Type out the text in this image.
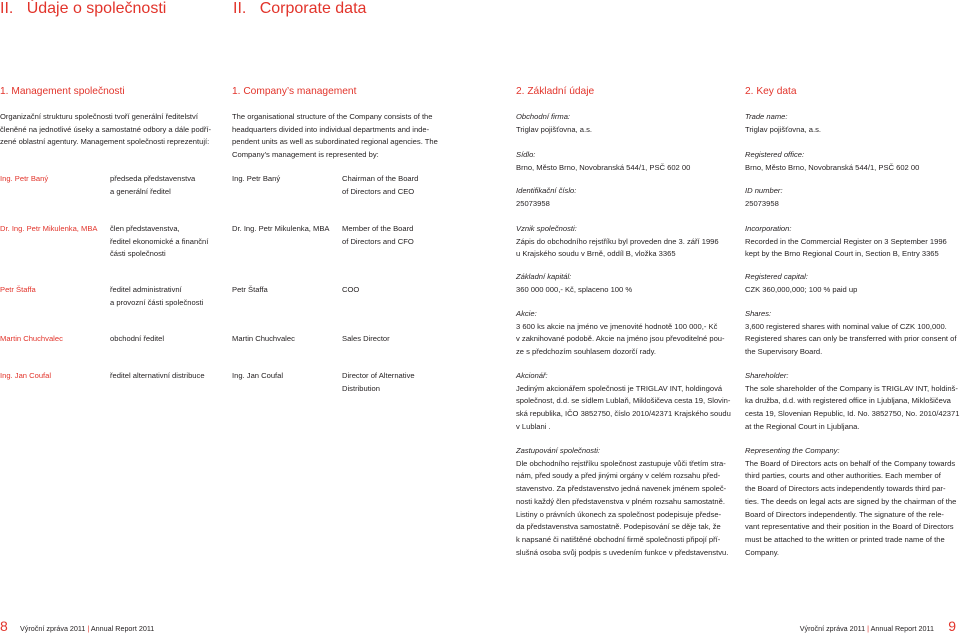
II. Údaje o společnosti	II. Corporate data
1. Management společnosti	1. Company’s management	2. Základní údaje	2. Key data
Organizační strukturu společnosti tvoří generální ředitelství
členěné na jednotlivé úseky a samostatné odbory a dále podří-
zené oblastní agentury. Management společnosti reprezentují:
The organisational structure of the Company consists of the
headquarters divided into individual departments and inde-
pendent units as well as subordinated regional agencies. The
Company’s management is represented by:
Ing. Petr Baný	předseda představenstva
a generální ředitel
Ing. Petr Baný	Chairman of the Board
of Directors and CEO
Dr. Ing. Petr Mikulenka, MBA člen představenstva,
ředitel ekonomické a finanční
části společnosti
Dr. Ing. Petr Mikulenka, MBA Member of the Board
of Directors and CFO
Petr Štaffa	ředitel administrativní
a provozní části společnosti
Petr Štaffa	COO
Martin Chuchvalec	obchodní ředitel	Martin Chuchvalec	Sales Director
Ing. Jan Coufal	ředitel alternativní distribuce	Ing. Jan Coufal	Director of Alternative
Distribution
Obchodní firma:
Triglav pojišťovna, a.s.
Sídlo:
Brno, Město Brno, Novobranská 544/1, PSČ 602 00
Identifikační číslo:
25073958
Vznik společnosti:
Zápis do obchodního rejstříku byl proveden dne 3. září 1996
u Krajského soudu v Brně, oddíl B, vložka 3365
Základní kapitál:
360 000 000,- Kč, splaceno 100 %
Akcie:
3 600 ks akcie na jméno ve jmenovité hodnotě 100 000,- Kč
v zaknihované podobě. Akcie na jméno jsou převoditelné pou-
ze s předchozím souhlasem dozorčí rady.
Akcionář:
Jediným akcionářem společnosti je TRIGLAV INT, holdingová
společnost, d.d. se sídlem Lublaň, Miklošičeva cesta 19, Slovin-
ská republika, IČO 3852750, číslo 2010/42371 Krajského soudu
v Lublani .
Zastupování společnosti:
Dle obchodního rejstříku společnost zastupuje vůči třetím stra-
nám, před soudy a před jinými orgány v celém rozsahu před-
stavenstvo. Za představenstvo jedná navenek jménem společ-
nosti každý člen představenstva v plném rozsahu samostatně.
Listiny o právních úkonech za společnost podepisuje předse-
da představenstva samostatně. Podepisování se děje tak, že
k napsané či natištěné obchodní firmě společnosti připojí pří-
slušná osoba svůj podpis s uvedením funkce v představenstvu.
Trade name:
Triglav pojišťovna, a.s.
Registered office:
Brno, Město Brno, Novobranská 544/1, PSČ 602 00
ID number:
25073958
Incorporation:
Recorded in the Commercial Register on 3 September 1996
kept by the Brno Regional Court in, Section B, Entry 3365
Registered capital:
CZK 360,000,000; 100 % paid up
Shares:
3,600 registered shares with nominal value of CZK 100,000.
Registered shares can only be transferred with prior consent of
the Supervisory Board.
Shareholder:
The sole shareholder of the Company is TRIGLAV INT, holdinš-
ka družba, d.d. with registered office in Ljubljana, Miklošičeva
cesta 19, Slovenian Republic, Id. No. 3852750, No. 2010/42371
at the Regional Court in Ljubljana.
Representing the Company:
The Board of Directors acts on behalf of the Company towards
third parties, courts and other authorities. Each member of
the Board of Directors acts independently towards third par-
ties. The deeds on legal acts are signed by the chairman of the
Board of Directors independently. The signature of the rele-
vant representative and their position in the Board of Directors
must be attached to the written or printed trade name of the
Company.
8 Výroční zpráva 2011 | Annual Report 2011	Výroční zpráva 2011 | Annual Report 2011 9
